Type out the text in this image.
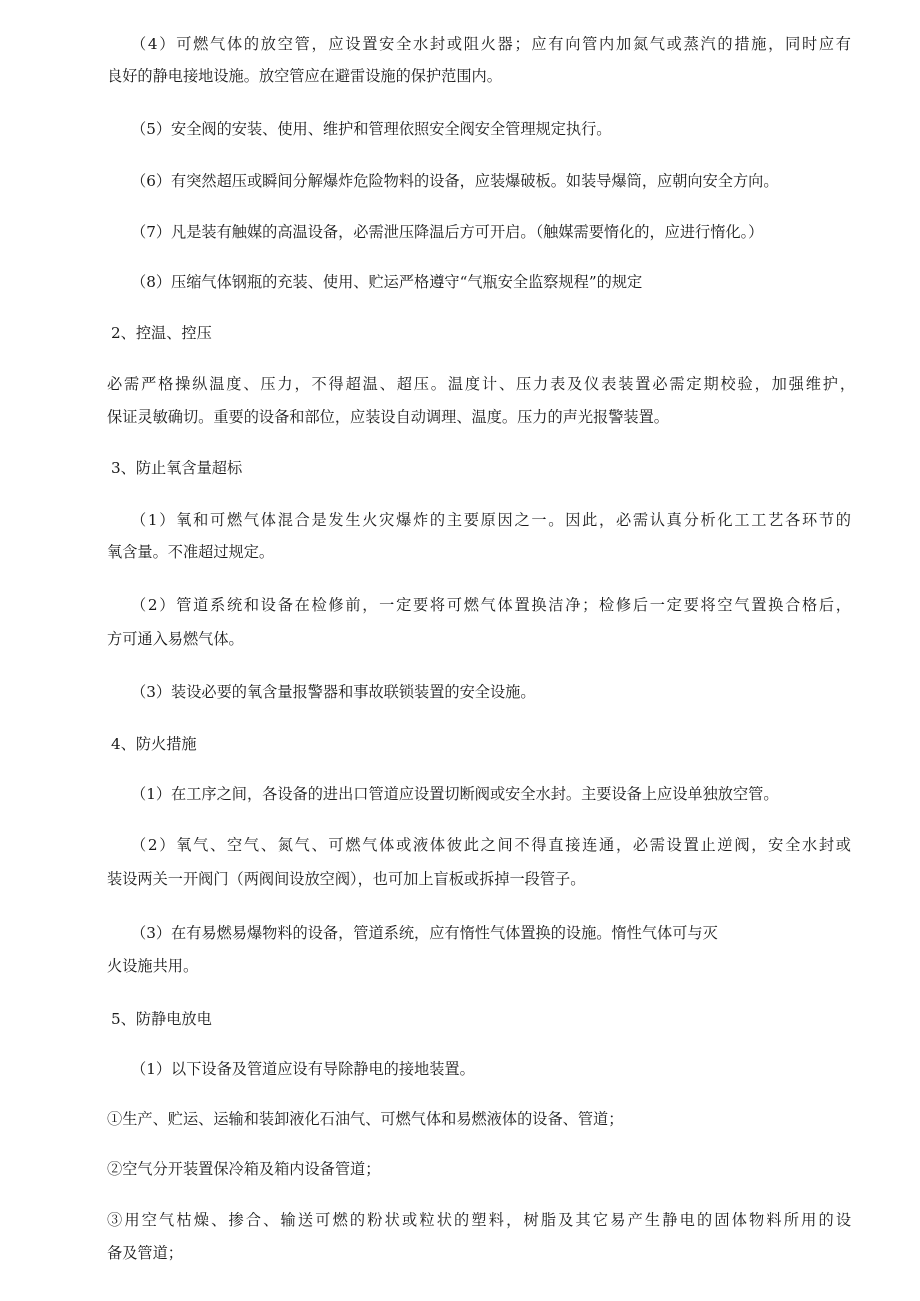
（4）可燃气体的放空管，应设置安全水封或阻火器；应有向管内加氮气或蒸汽的措施，同时应有
良好的静电接地设施。放空管应在避雷设施的保护范围内。
（5）安全阀的安装、使用、维护和管理依照安全阀安全管理规定执行。
（6）有突然超压或瞬间分解爆炸危险物料的设备，应装爆破板。如装导爆筒，应朝向安全方向。
（7）凡是装有触媒的高温设备，必需泄压降温后方可开启。（触媒需要惰化的，应进行惰化。）
（8）压缩气体钢瓶的充装、使用、贮运严格遵守“气瓶安全监察规程”的规定
2、控温、控压
必需严格操纵温度、压力，不得超温、超压。温度计、压力表及仪表装置必需定期校验，加强维护，
保证灵敏确切。重要的设备和部位，应装设自动调理、温度。压力的声光报警装置。
3、防止氧含量超标
（1）氧和可燃气体混合是发生火灾爆炸的主要原因之一。因此，必需认真分析化工工艺各环节的
氧含量。不准超过规定。
（2）管道系统和设备在检修前，一定要将可燃气体置换洁净；检修后一定要将空气置换合格后，
方可通入易燃气体。
（3）装设必要的氧含量报警器和事故联锁装置的安全设施。
4、防火措施
（1）在工序之间，各设备的进出口管道应设置切断阀或安全水封。主要设备上应设单独放空管。
（2）氧气、空气、氮气、可燃气体或液体彼此之间不得直接连通，必需设置止逆阀，安全水封或
装设两关一开阀门（两阀间设放空阀），也可加上盲板或拆掉一段管子。
（3）在有易燃易爆物料的设备，管道系统，应有惰性气体置换的设施。惰性气体可与灭
火设施共用。
5、防静电放电
（1）以下设备及管道应设有导除静电的接地装置。
①生产、贮运、运输和装卸液化石油气、可燃气体和易燃液体的设备、管道；
②空气分开装置保冷箱及箱内设备管道；
③用空气枯燥、掺合、输送可燃的粉状或粒状的塑料，树脂及其它易产生静电的固体物料所用的设
备及管道；
